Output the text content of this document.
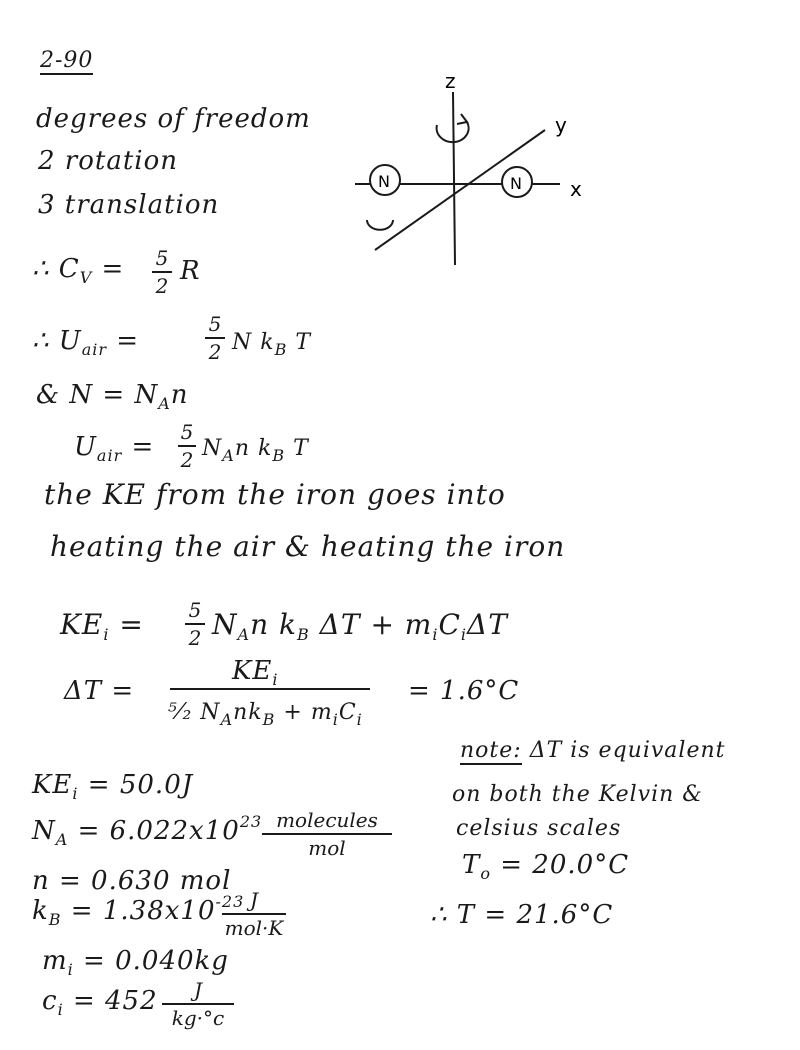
2-90
degrees of freedom
2 rotation
3 translation
z
x
y
N	N
∴ $C_V = 5$
2 R
∴ $U_{air}$ =
5
2 N $k_B$ T
& $N = N_An$
$U_{air} = 5$
2 $N_An$ $k_B$ T
the KE from the iron goes into
heating the air & heating the iron
$KE_i = 5$
2 $N_An$ $k_B$ $\Delta T + m_iC_i\Delta T$
ΔT =
$KE_i$
⁵⁄₂ $N_Ank_B + m_iC_i$
= 1.6°C
$KE_i = 50.0J$
$N_A = 6.022x10^{23}$ molecules
mol
n = 0.630 mol
$k_B = 1.38x10^{-23}$ J
mol·K
$m_i = 0.040kg$
$c_i = 452$	J
kg·°c
note: ΔT is equivalent
on both the Kelvin &
celsius scales
$T_o = 20.0^\circ C$
∴ T = 21.6°C
